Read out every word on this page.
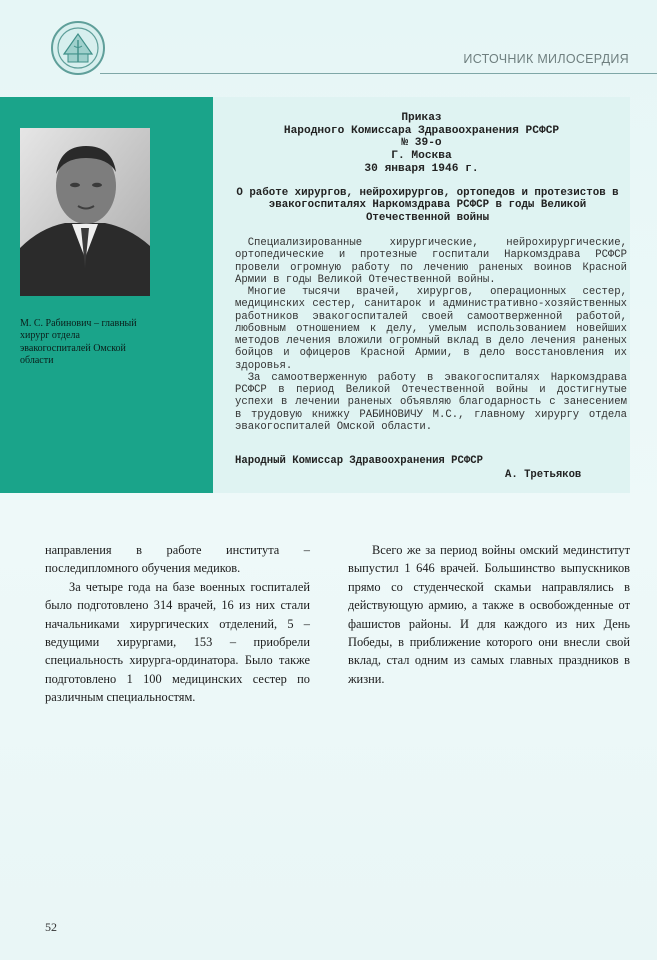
ИСТОЧНИК МИЛОСЕРДИЯ
М. С. Рабинович – главный хирург отдела эвакогоспиталей Омской области
Приказ
Народного Комиссара Здравоохранения РСФСР
№ 39-о
Г. Москва
30 января 1946 г.
О работе хирургов, нейрохирургов, ортопедов и протезистов в эвакогоспиталях Наркомздрава РСФСР в годы Великой Отечественной войны

Специализированные хирургические, нейрохирургические, ортопедические и протезные госпитали Наркомздрава РСФСР провели огромную работу по лечению раненых воинов Красной Армии в годы Великой Отечественной войны.

Многие тысячи врачей, хирургов, операционных сестер, медицинских сестер, санитарок и административно-хозяйственных работников эвакогоспиталей своей самоотверженной работой, любовным отношением к делу, умелым использованием новейших методов лечения вложили огромный вклад в дело лечения раненых бойцов и офицеров Красной Армии, в дело восстановления их здоровья.

За самоотверженную работу в эвакогоспиталях Наркомздрава РСФСР в период Великой Отечественной войны и достигнутые успехи в лечении раненых объявляю благодарность с занесением в трудовую книжку РАБИНОВИЧУ М.С., главному хирургу отдела эвакогоспиталей Омской области.

Народный Комиссар Здравоохранения РСФСР
А. Третьяков

направления в работе института – последипломного обучения медиков.

За четыре года на базе военных госпиталей было подготовлено 314 врачей, 16 из них стали начальниками хирургических отделений, 5 – ведущими хирургами, 153 – приобрели специальность хирурга-ординатора. Было также подготовлено 1 100 медицинских сестер по различным специальностям.

Всего же за период войны омский мединститут выпустил 1 646 врачей. Большинство выпускников прямо со студенческой скамьи направлялись в действующую армию, а также в освобожденные от фашистов районы. И для каждого из них День Победы, в приближение которого они внесли свой вклад, стал одним из самых главных праздников в жизни.

52
